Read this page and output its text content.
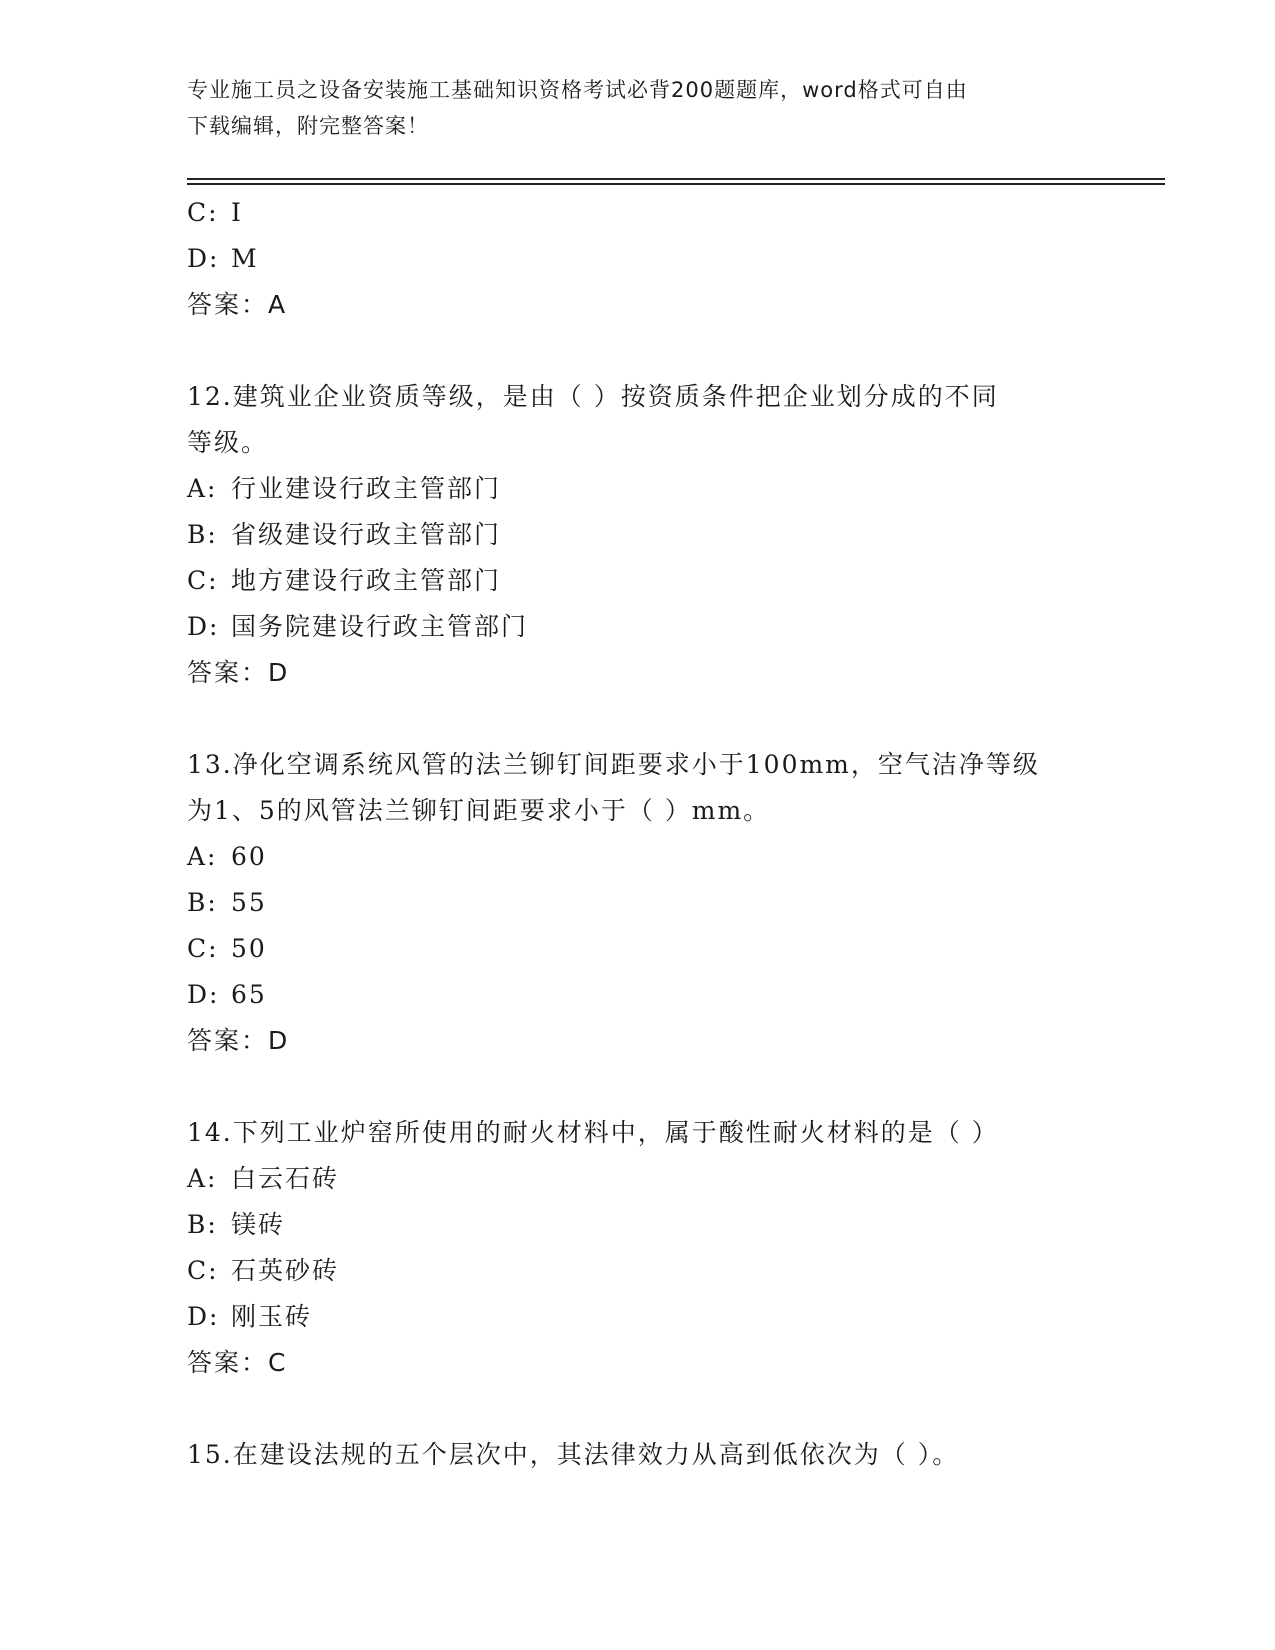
专业施工员之设备安装施工基础知识资格考试必背200题题库，word格式可自由
下载编辑，附完整答案！
C: I
D: M
答案：A
12.建筑业企业资质等级，是由（ ）按资质条件把企业划分成的不同
等级。
A: 行业建设行政主管部门
B: 省级建设行政主管部门
C: 地方建设行政主管部门
D: 国务院建设行政主管部门
答案：D
13.净化空调系统风管的法兰铆钉间距要求小于100mm，空气洁净等级
为1、5的风管法兰铆钉间距要求小于（ ）mm。
A: 60
B: 55
C: 50
D: 65
答案：D
14.下列工业炉窑所使用的耐火材料中，属于酸性耐火材料的是（ ）
A: 白云石砖
B: 镁砖
C: 石英砂砖
D: 刚玉砖
答案：C
15.在建设法规的五个层次中，其法律效力从高到低依次为（ ）。
